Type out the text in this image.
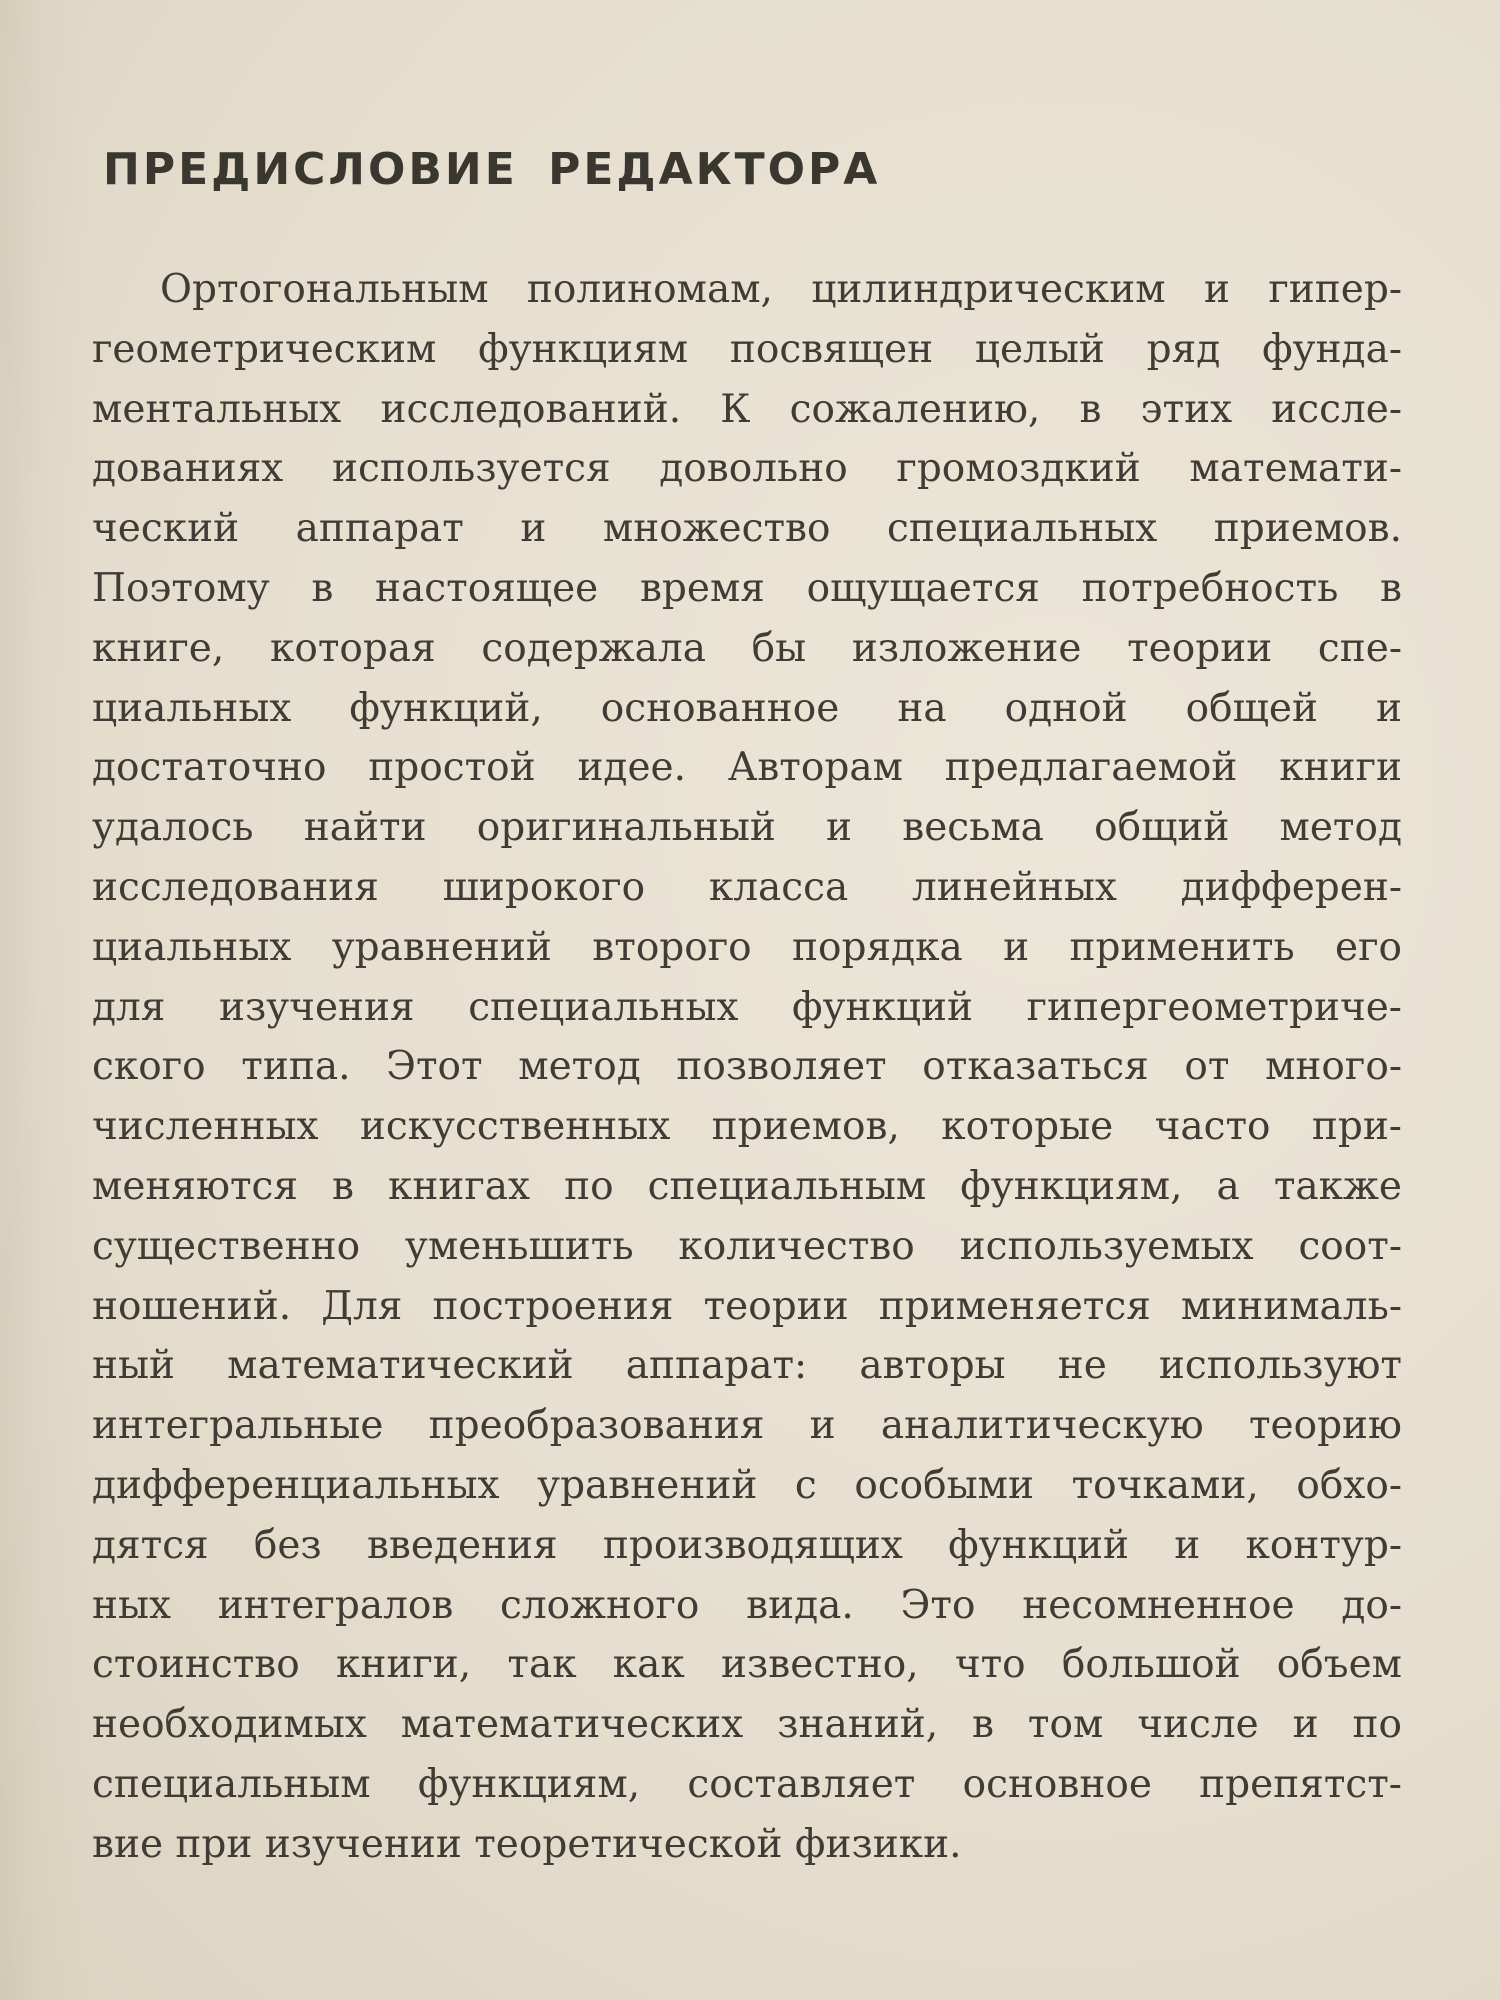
ПРЕДИСЛОВИЕ РЕДАКТОРА
Ортогональным полиномам, цилиндрическим и гипер-
геометрическим функциям посвящен целый ряд фунда-
ментальных исследований. К сожалению, в этих иссле-
дованиях используется довольно громоздкий математи-
ческий аппарат и множество специальных приемов.
Поэтому в настоящее время ощущается потребность в
книге, которая содержала бы изложение теории спе-
циальных функций, основанное на одной общей и
достаточно простой идее. Авторам предлагаемой книги
удалось найти оригинальный и весьма общий метод
исследования широкого класса линейных дифферен-
циальных уравнений второго порядка и применить его
для изучения специальных функций гипергеометриче-
ского типа. Этот метод позволяет отказаться от много-
численных искусственных приемов, которые часто при-
меняются в книгах по специальным функциям, а также
существенно уменьшить количество используемых соот-
ношений. Для построения теории применяется минималь-
ный математический аппарат: авторы не используют
интегральные преобразования и аналитическую теорию
дифференциальных уравнений с особыми точками, обхо-
дятся без введения производящих функций и контур-
ных интегралов сложного вида. Это несомненное до-
стоинство книги, так как известно, что большой объем
необходимых математических знаний, в том числе и по
специальным функциям, составляет основное препятст-
вие при изучении теоретической физики.
